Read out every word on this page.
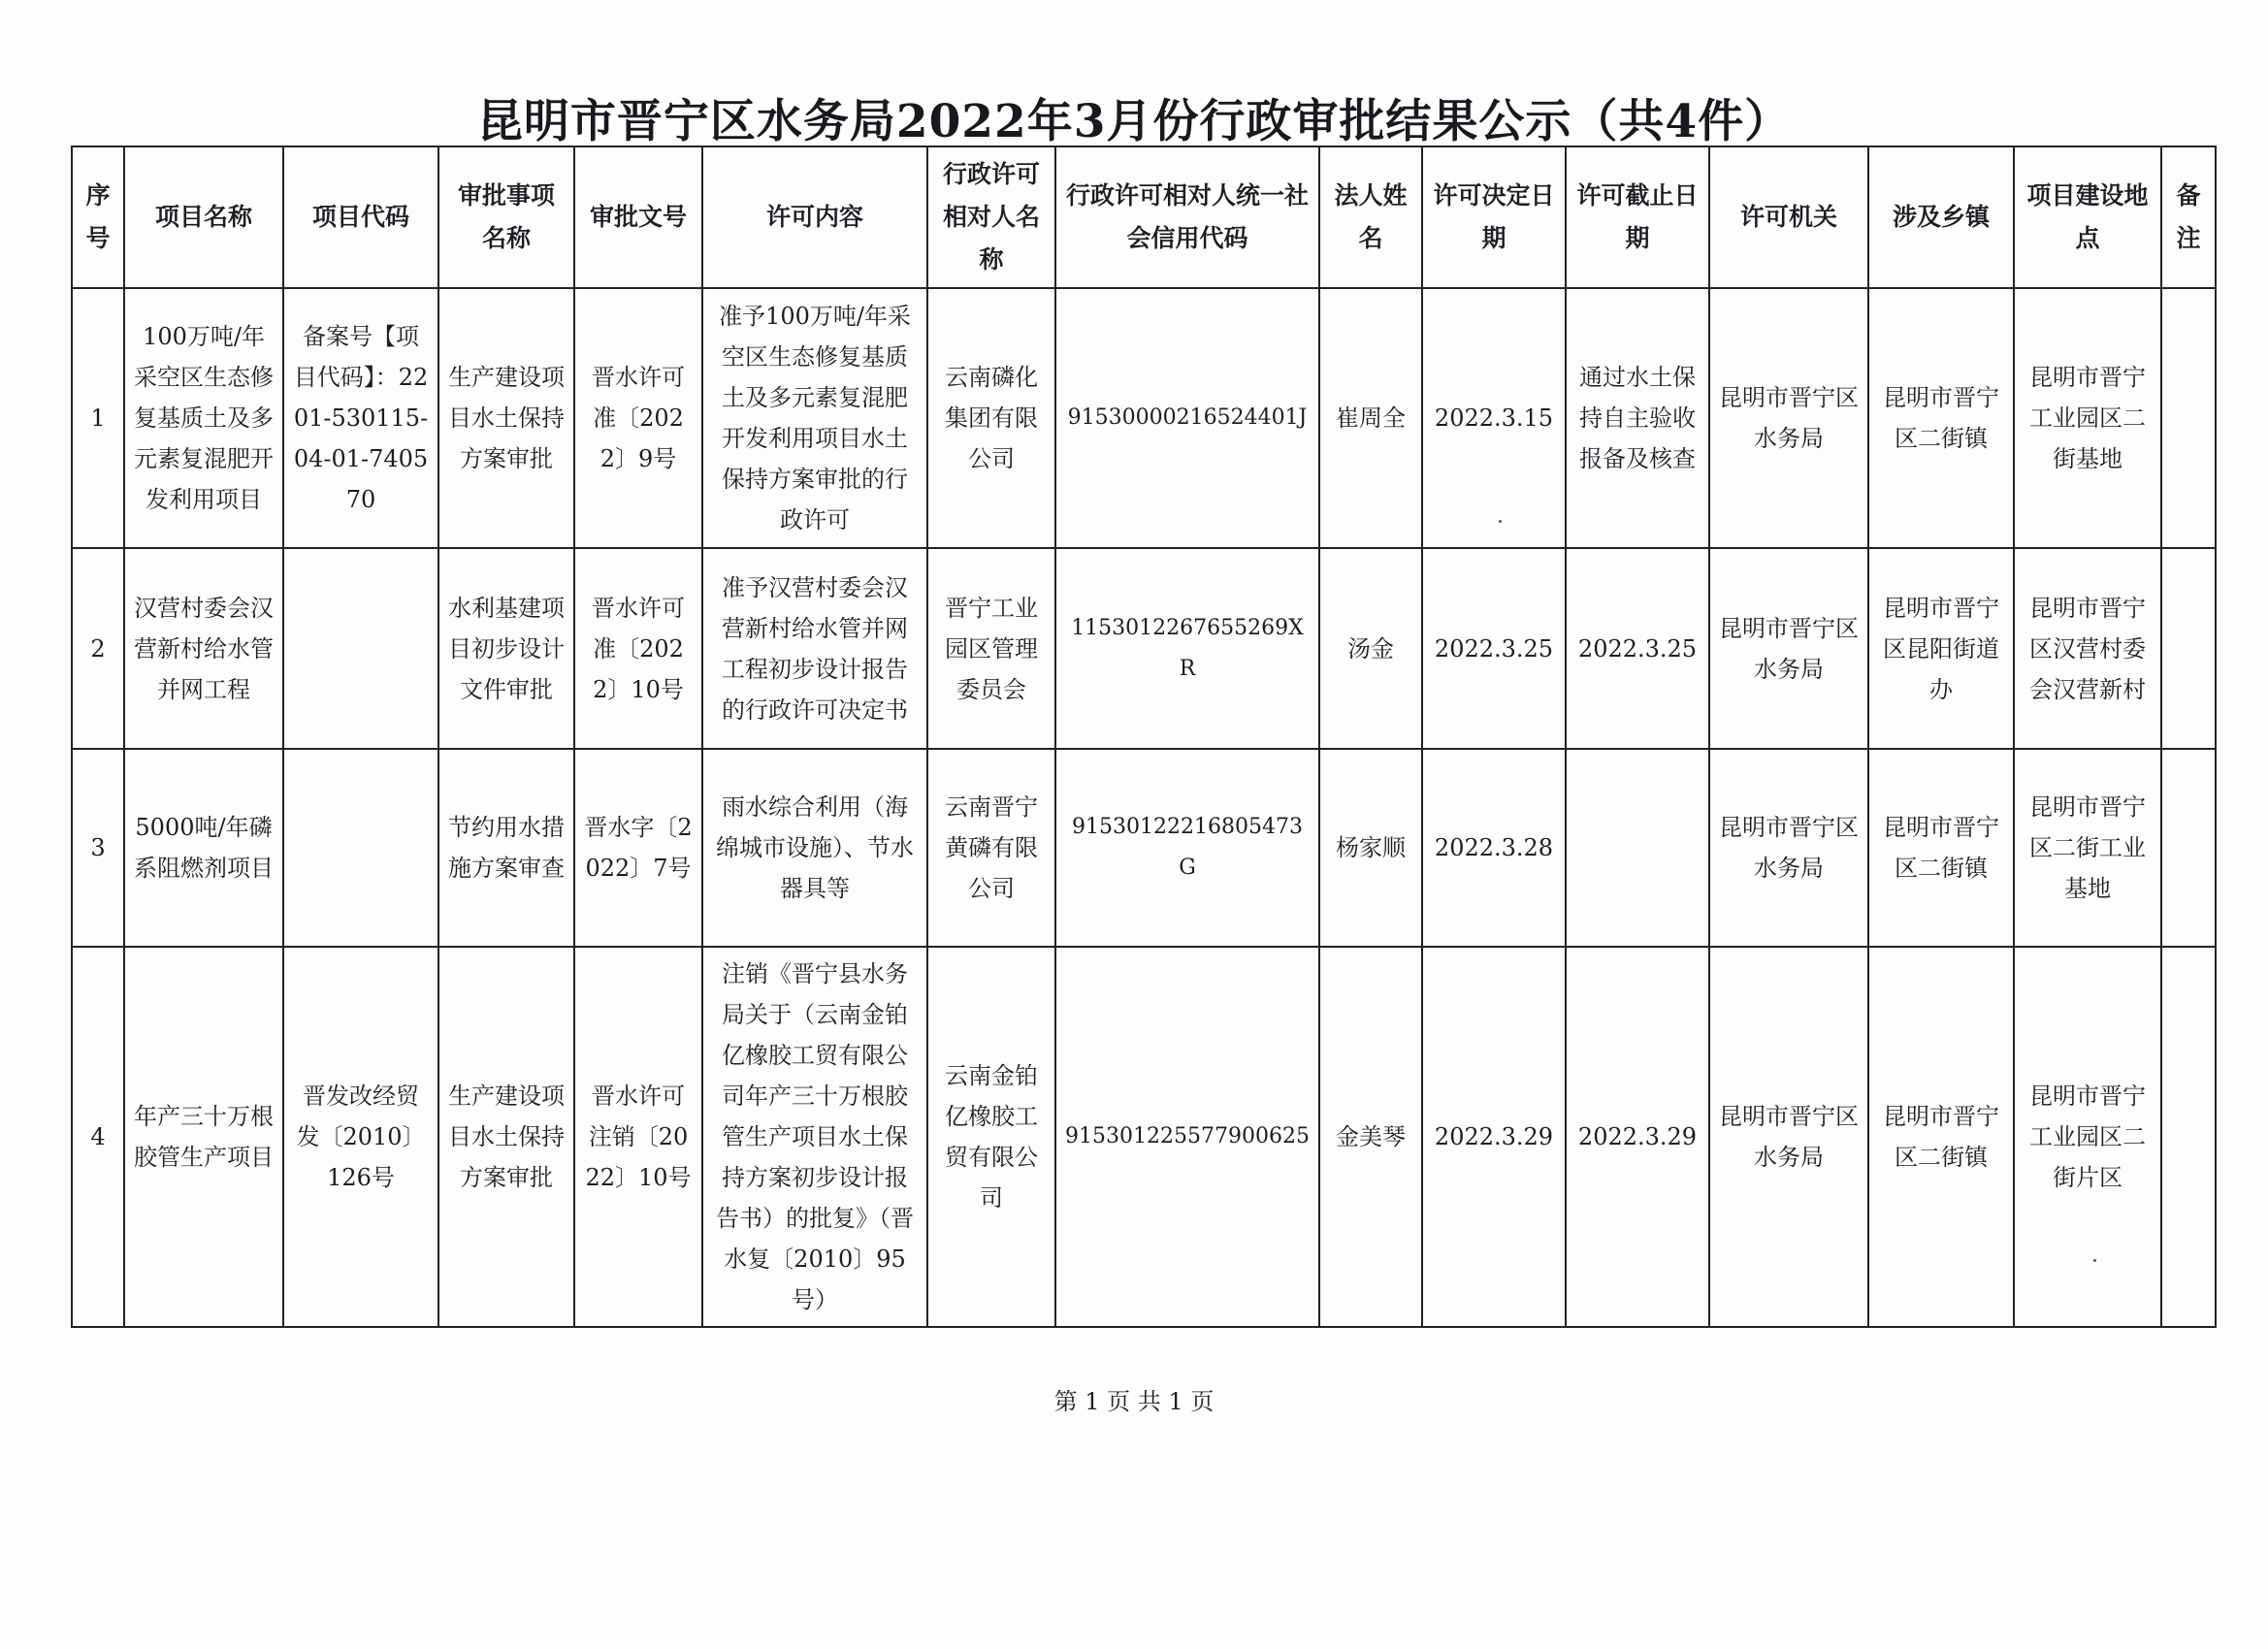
昆明市晋宁区水务局2022年3月份行政审批结果公示（共4件）
序号	项目名称	项目代码	审批事项名称	审批文号	许可内容	行政许可相对人名称	行政许可相对人统一社会信用代码	法人姓名	许可决定日期	许可截止日期	许可机关	涉及乡镇	项目建设地点	备注
1	100万吨/年采空区生态修复基质土及多元素复混肥开发利用项目	备案号【项目代码】：2201-530115-04-01-740570	生产建设项目水土保持方案审批	晋水许可准〔2022〕9号	准予100万吨/年采空区生态修复基质土及多元素复混肥开发利用项目水土保持方案审批的行政许可	云南磷化集团有限公司	91530000216524401J	崔周全	2022.3.15	通过水土保持自主验收报备及核查	昆明市晋宁区水务局	昆明市晋宁区二街镇	昆明市晋宁工业园区二街基地	
2	汉营村委会汉营新村给水管并网工程		水利基建项目初步设计文件审批	晋水许可准〔2022〕10号	准予汉营村委会汉营新村给水管并网工程初步设计报告的行政许可决定书	晋宁工业园区管理委员会	11530122676552​69XR	汤金	2022.3.25	2022.3.25	昆明市晋宁区水务局	昆明市晋宁区昆阳街道办	昆明市晋宁区汉营村委会汉营新村	
3	5000吨/年磷系阻燃剂项目		节约用水措施方案审查	晋水字〔2022〕7号	雨水综合利用（海绵城市设施）、节水器具等	云南晋宁黄磷有限公司	91530122216805473G	杨家顺	2022.3.28		昆明市晋宁区水务局	昆明市晋宁区二街镇	昆明市晋宁区二街工业基地	
4	年产三十万根胶管生产项目	晋发改经贸发〔2010〕126号	生产建设项目水土保持方案审批	晋水许可注销〔2022〕10号	注销《晋宁县水务局关于（云南金铂亿橡胶工贸有限公司年产三十万根胶管生产项目水土保持方案初步设计报告书）的批复》（晋水复〔2010〕95号）	云南金铂亿橡胶工贸有限公司	915301225577900625	金美琴	2022.3.29	2022.3.29	昆明市晋宁区水务局	昆明市晋宁区二街镇	昆明市晋宁工业园区二街片区	
第 1 页 共 1 页
